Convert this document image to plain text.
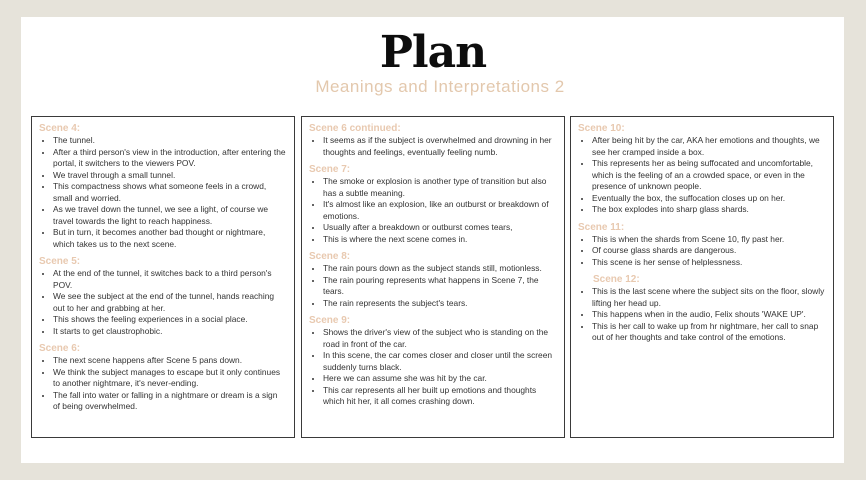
Plan
Meanings and Interpretations 2
Scene 4:
• The tunnel.
• After a third person's view in the introduction, after entering the portal, it switchers to the viewers POV.
• We travel through a small tunnel.
• This compactness shows what someone feels in a crowd, small and worried.
• As we travel down the tunnel, we see a light, of course we travel towards the light to reach happiness.
• But in turn, it becomes another bad thought or nightmare, which takes us to the next scene.
Scene 5:
• At the end of the tunnel, it switches back to a third person's POV.
• We see the subject at the end of the tunnel, hands reaching out to her and grabbing at her.
• This shows the feeling experiences in a social place.
• It starts to get claustrophobic.
Scene 6:
• The next scene happens after Scene 5 pans down.
• We think the subject manages to escape but it only continues to another nightmare, it's never-ending.
• The fall into water or falling in a nightmare or dream is a sign of being overwhelmed.
Scene 6 continued:
• It seems as if the subject is overwhelmed and drowning in her thoughts and feelings, eventually feeling numb.
Scene 7:
• The smoke or explosion is another type of transition but also has a subtle meaning.
• It's almost like an explosion, like an outburst or breakdown of emotions.
• Usually after a breakdown or outburst comes tears,
• This is where the next scene comes in.
Scene 8:
• The rain pours down as the subject stands still, motionless.
• The rain pouring represents what happens in Scene 7, the tears.
• The rain represents the subject's tears.
Scene 9:
• Shows the driver's view of the subject who is standing on the road in front of the car.
• In this scene, the car comes closer and closer until the screen suddenly turns black.
• Here we can assume she was hit by the car.
• This car represents all her built up emotions and thoughts which hit her, it all comes crashing down.
Scene 10:
• After being hit by the car, AKA her emotions and thoughts, we see her cramped inside a box.
• This represents her as being suffocated and uncomfortable, which is the feeling of an a crowded space, or even in the presence of unknown people.
• Eventually the box, the suffocation closes up on her.
• The box explodes into sharp glass shards.
Scene 11:
• This is when the shards from Scene 10, fly past her.
• Of course glass shards are dangerous.
• This scene is her sense of helplessness.
Scene 12:
• This is the last scene where the subject sits on the floor, slowly lifting her head up.
• This happens when in the audio, Felix shouts 'WAKE UP'.
• This is her call to wake up from hr nightmare, her call to snap out of her thoughts and take control of the emotions.
